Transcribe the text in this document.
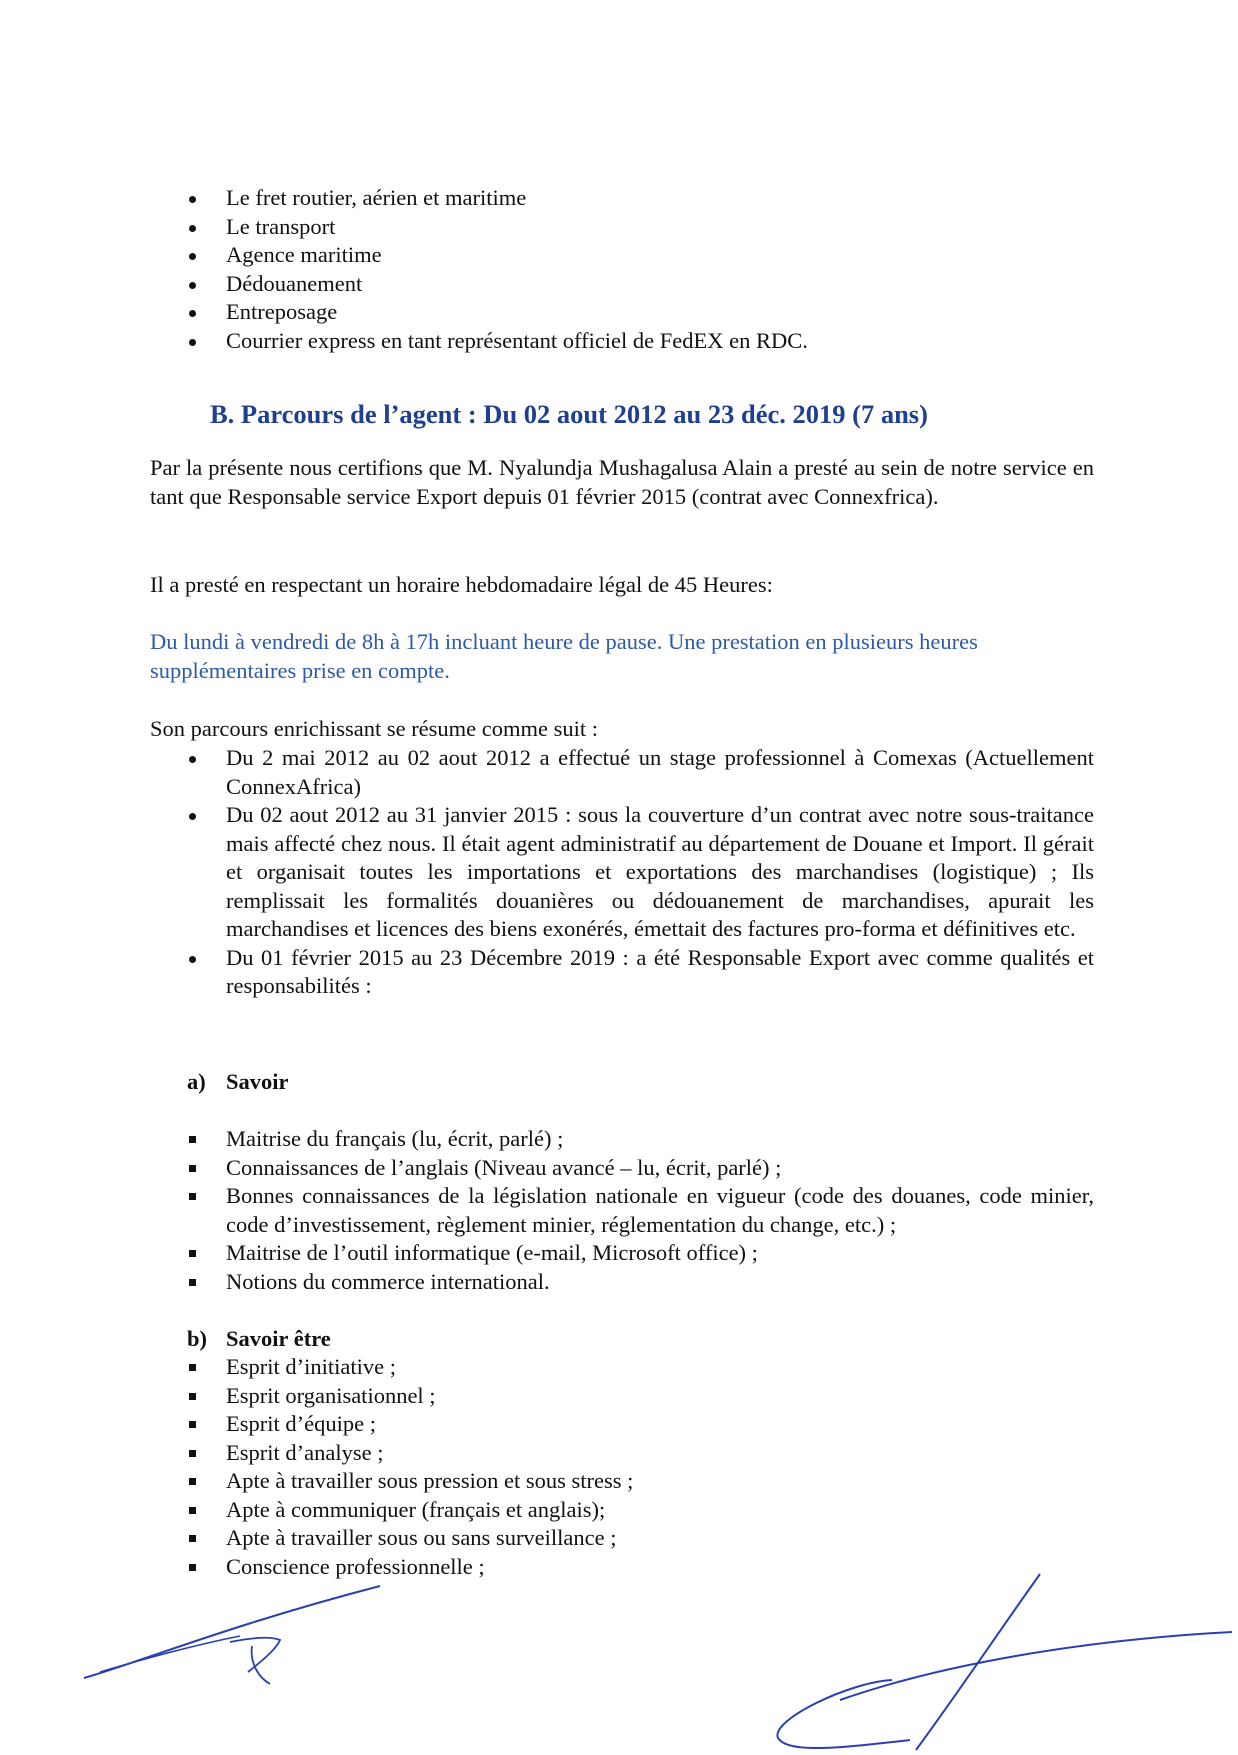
Le fret routier, aérien et maritime
Le transport
Agence maritime
Dédouanement
Entreposage
Courrier express en tant représentant officiel de FedEX en RDC.
B. Parcours de l’agent : Du 02 aout 2012 au 23 déc. 2019 (7 ans)
Par la présente nous certifions que M. Nyalundja Mushagalusa Alain a presté au sein de notre service en tant que Responsable service Export depuis 01 février 2015 (contrat avec Connexfrica).
Il a presté en respectant un horaire hebdomadaire légal de 45 Heures:
Du lundi à vendredi de 8h à 17h incluant heure de pause. Une prestation en plusieurs heures supplémentaires prise en compte.
Son parcours enrichissant se résume comme suit :
Du 2 mai 2012 au 02 aout 2012 a effectué un stage professionnel à Comexas (Actuellement ConnexAfrica)
Du 02 aout 2012 au 31 janvier 2015 : sous la couverture d’un contrat avec notre sous-traitance mais affecté chez nous. Il était agent administratif au département de Douane et Import. Il gérait et organisait toutes les importations et exportations des marchandises (logistique) ; Ils remplissait les formalités douanières ou dédouanement de marchandises, apurait les marchandises et licences des biens exonérés, émettait des factures pro-forma et définitives etc.
Du 01 février 2015 au 23 Décembre 2019 : a été Responsable Export avec comme qualités et responsabilités :
a) Savoir
Maitrise du français (lu, écrit, parlé) ;
Connaissances de l’anglais (Niveau avancé – lu, écrit, parlé) ;
Bonnes connaissances de la législation nationale en vigueur (code des douanes, code minier, code d’investissement, règlement minier, réglementation du change, etc.) ;
Maitrise de l’outil informatique (e-mail, Microsoft office) ;
Notions du commerce international.
b) Savoir être
Esprit d’initiative ;
Esprit organisationnel ;
Esprit d’équipe ;
Esprit d’analyse ;
Apte à travailler sous pression et sous stress ;
Apte à communiquer (français et anglais);
Apte à travailler sous ou sans surveillance ;
Conscience professionnelle ;
